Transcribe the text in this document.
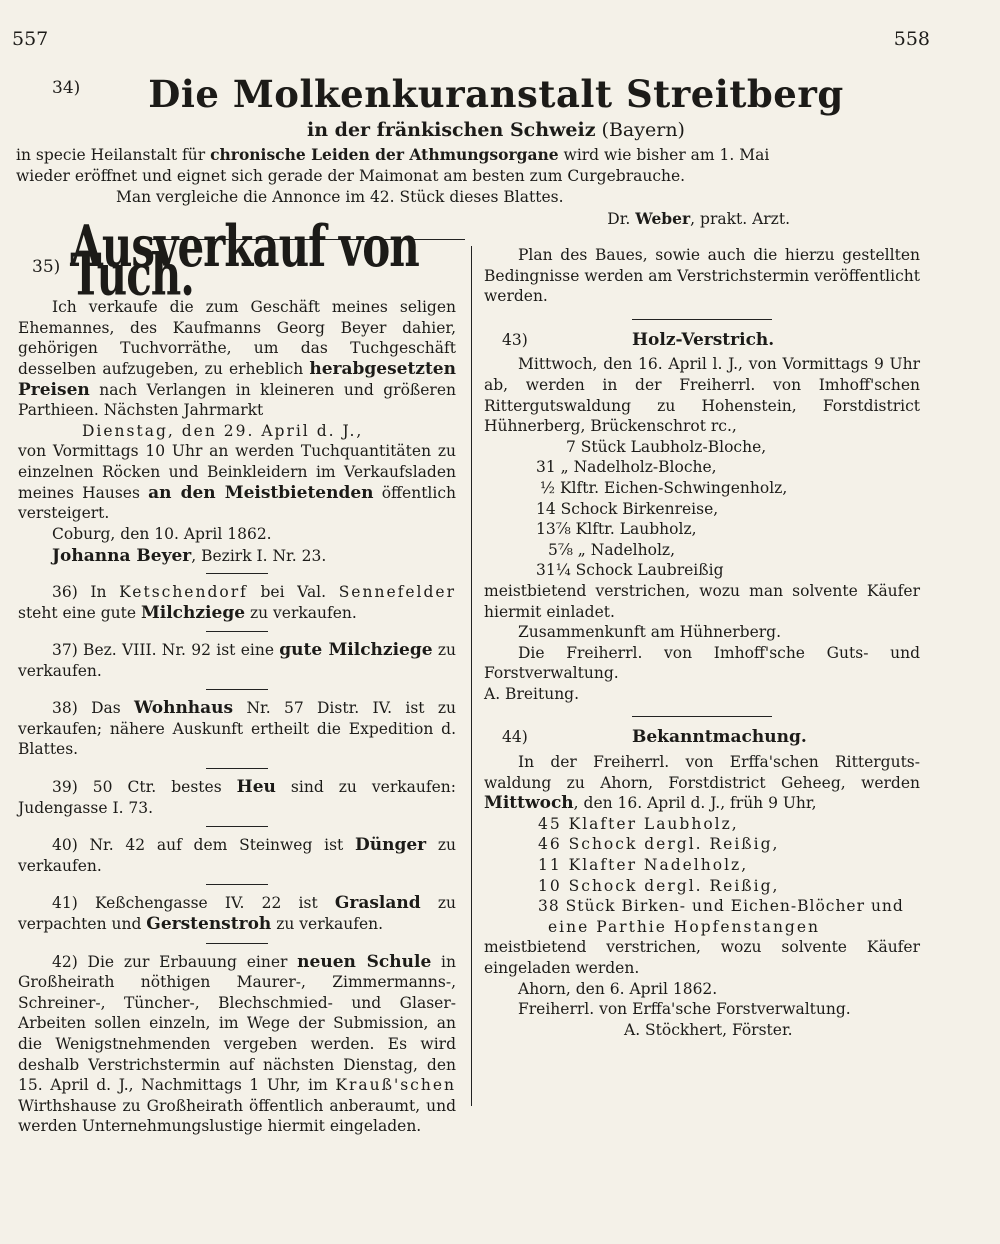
557	558
34)	Die Molkenkuranstalt Streitberg
in der fränkischen Schweiz (Bayern)
in specie Heilanstalt für chronische Leiden der Athmungsorgane wird wie bisher am 1. Mai
wieder eröffnet und eignet sich gerade der Maimonat am besten zum Curgebrauche.
Man vergleiche die Annonce im 42. Stück dieses Blattes.
Dr. Weber, prakt. Arzt.
35) Ausverkauf von Tuch.

Ich verkaufe die zum Geschäft meines seligen Ehemannes, des Kaufmanns Georg Beyer dahier, gehörigen Tuchvorräthe, um das Tuchgeschäft desselben aufzugeben, zu erheblich herabgesetzten Preisen nach Verlangen in kleineren und größeren Parthieen. Nächsten Jahrmarkt

Dienstag, den 29. April d. J.,

von Vormittags 10 Uhr an werden Tuchquantitäten zu einzelnen Röcken und Beinkleidern im Verkaufsladen meines Hauses an den Meistbietenden öffentlich versteigert.

Coburg, den 10. April 1862.

Johanna Beyer, Bezirk I. Nr. 23.

36) In Ketschendorf bei Val. Sennefelder steht eine gute Milchziege zu verkaufen.

37) Bez. VIII. Nr. 92 ist eine gute Milchziege zu verkaufen.

38) Das Wohnhaus Nr. 57 Distr. IV. ist zu verkaufen; nähere Auskunft ertheilt die Expedition d. Blattes.

39) 50 Ctr. bestes Heu sind zu verkaufen: Judengasse I. 73.

40) Nr. 42 auf dem Steinweg ist Dünger zu verkaufen.

41) Keßchengasse IV. 22 ist Grasland zu verpachten und Gerstenstroh zu verkaufen.

42) Die zur Erbauung einer neuen Schule in Großheirath nöthigen Maurer-, Zimmermanns-, Schreiner-, Tüncher-, Blechschmied- und Glaser-Arbeiten sollen einzeln, im Wege der Submission, an die Wenigstnehmenden vergeben werden. Es wird deshalb Verstrichstermin auf nächsten Dienstag, den 15. April d. J., Nachmittags 1 Uhr, im Krauß'schen Wirthshause zu Großheirath öffentlich anberaumt, und werden Unternehmungslustige hiermit eingeladen.

Plan des Baues, sowie auch die hierzu gestellten Bedingnisse werden am Verstrichstermin veröffentlicht werden.

43)	Holz-Verstrich.

Mittwoch, den 16. April l. J., von Vormittags 9 Uhr ab, werden in der Freiherrl. von Imhoff'schen Rittergutswaldung zu Hohenstein, Forstdistrict Hühnerberg, Brückenschrot rc.,

7 Stück Laubholz-Bloche,
31 „ Nadelholz-Bloche,
½ Klftr. Eichen-Schwingenholz,
14 Schock Birkenreise,
13⅞ Klftr. Laubholz,
5⅞ „ Nadelholz,
31¼ Schock Laubreißig

meistbietend verstrichen, wozu man solvente Käufer hiermit einladet.

Zusammenkunft am Hühnerberg.

Die Freiherrl. von Imhoff'sche Guts- und Forstverwaltung.

A. Breitung.

44)	Bekanntmachung.

In der Freiherrl. von Erffa'schen Ritterguts-waldung zu Ahorn, Forstdistrict Geheeg, werden Mittwoch, den 16. April d. J., früh 9 Uhr,

45 Klafter Laubholz,
46 Schock dergl. Reißig,
11 Klafter Nadelholz,
10 Schock dergl. Reißig,
38 Stück Birken- und Eichen-Blöcher und
eine Parthie Hopfenstangen

meistbietend verstrichen, wozu solvente Käufer eingeladen werden.

Ahorn, den 6. April 1862.

Freiherrl. von Erffa'sche Forstverwaltung.

A. Stöckhert, Förster.
